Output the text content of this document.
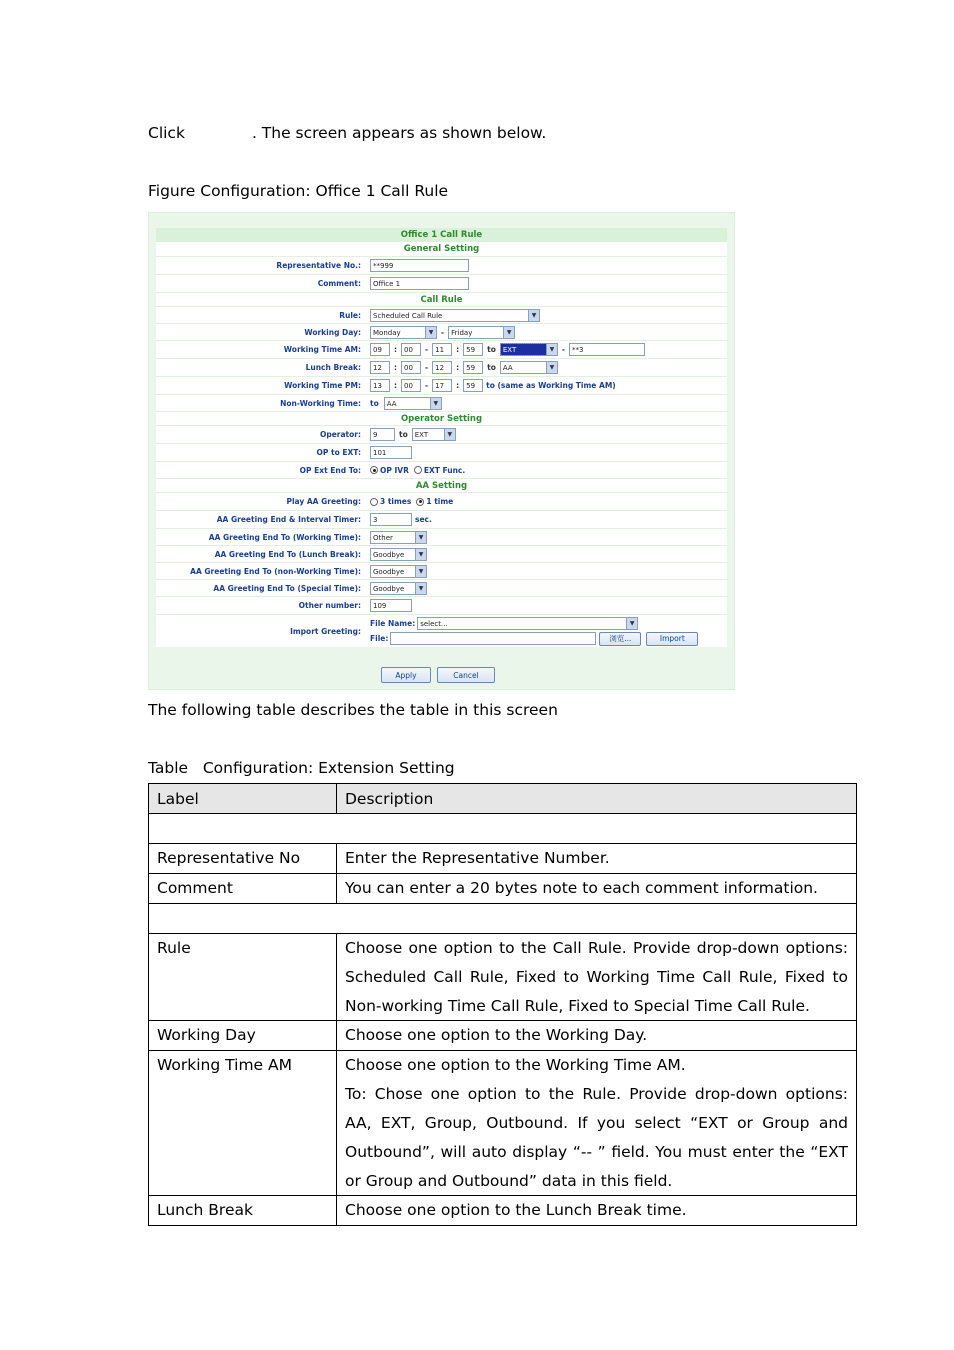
Click	. The screen appears as shown below.
Figure Configuration: Office 1 Call Rule
Office 1 Call Rule
General Setting
Representative No.:	**999
Comment:	Office 1
Call Rule
Rule: Scheduled Call Rule	▼
Working Day: Monday	▼	- Friday	▼
Working Time AM:	09	:	00	-	11	:	59	to EXT	▼	-	**3
Lunch Break:	12	:	00	-	12	:	59	to AA	▼
Working Time PM:	13	:	00	-	17	:	59	to (same as Working Time AM)
Non-Working Time: to AA	▼
Operator Setting
Operator:	9	to EXT	▼
OP to EXT:	101
OP Ext End To:	OP IVR EXT Func.
AA Setting
Play AA Greeting:	3 times 1 time
AA Greeting End & Interval Timer:	3	sec.
AA Greeting End To (Working Time): Other	▼
AA Greeting End To (Lunch Break): Goodbye	▼
AA Greeting End To (non-Working Time): Goodbye	▼
AA Greeting End To (Special Time): Goodbye	▼
Other number:	109
Import Greeting:
File Name: select...	▼
File:	浏览...	Import
Apply	Cancel
The following table describes the table in this screen
Table   Configuration: Extension Setting
Label	Description

Representative No	Enter the Representative Number.
Comment	You can enter a 20 bytes note to each comment information.

Rule	Choose one option to the Call Rule. Provide drop-down options: Scheduled Call Rule, Fixed to Working Time Call Rule, Fixed to Non-working Time Call Rule, Fixed to Special Time Call Rule.
Working Day	Choose one option to the Working Day.
Working Time AM	Choose one option to the Working Time AM.
To: Chose one option to the Rule. Provide drop-down options: AA, EXT, Group, Outbound. If you select “EXT or Group and Outbound”, will auto display “-- ” field. You must enter the “EXT or Group and Outbound” data in this field.

Lunch Break	Choose one option to the Lunch Break time.
